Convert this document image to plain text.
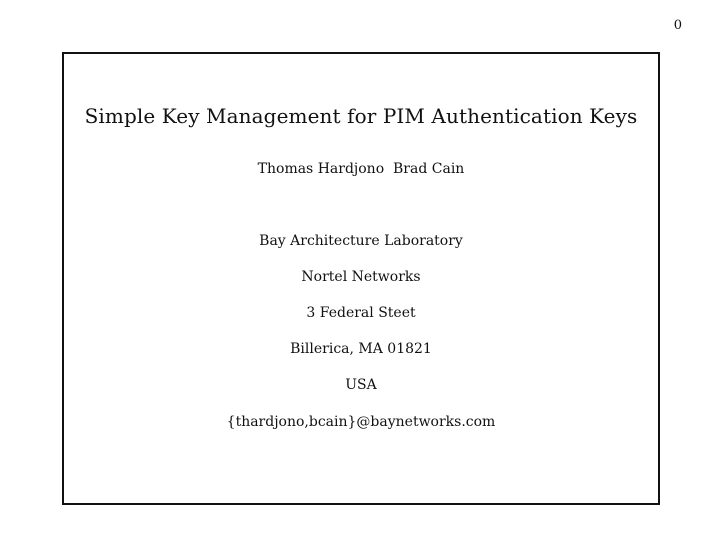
0
Simple Key Management for PIM Authentication Keys
Thomas Hardjono  Brad Cain
Bay Architecture Laboratory
Nortel Networks
3 Federal Steet
Billerica, MA 01821
USA
{thardjono,bcain}@baynetworks.com
